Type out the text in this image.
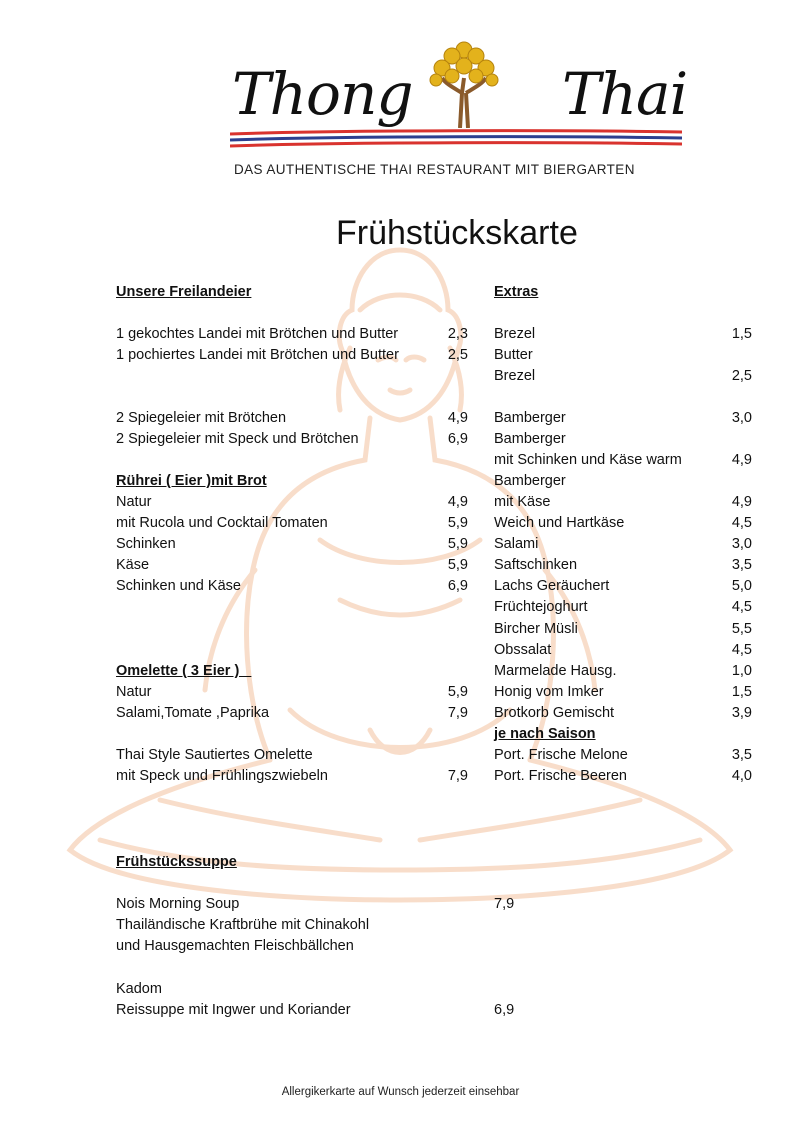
Thong	Thai
DAS AUTHENTISCHE THAI RESTAURANT MIT BIERGARTEN
Frühstückskarte
Unsere Freilandeier
1 gekochtes Landei mit Brötchen und Butter	2,3
1 pochiertes Landei mit Brötchen und Butter	2,5
2 Spiegeleier mit Brötchen	4,9
2 Spiegeleier mit Speck und Brötchen	6,9
Rührei ( Eier )mit Brot
Natur	4,9
mit Rucola und Cocktail Tomaten	5,9
Schinken	5,9
Käse	5,9
Schinken und Käse	6,9
Omelette ( 3 Eier )
Natur	5,9
Salami,Tomate ,Paprika	7,9
Thai Style Sautiertes Omelette
mit Speck und Frühlingszwiebeln	7,9
Frühstückssuppe
Nois Morning Soup	7,9
Thailändische Kraftbrühe mit Chinakohl
und Hausgemachten Fleischbällchen
Kadom
Reissuppe mit Ingwer und Koriander	6,9
Extras
Brezel	1,5
Butter
Brezel	2,5
Bamberger	3,0
Bamberger
mit Schinken und Käse warm	4,9
Bamberger
mit Käse	4,9
Weich und Hartkäse	4,5
Salami	3,0
Saftschinken	3,5
Lachs Geräuchert	5,0
Früchtejoghurt	4,5
Bircher Müsli	5,5
Obssalat	4,5
Marmelade Hausg.	1,0
Honig vom Imker	1,5
Brotkorb Gemischt	3,9
je nach Saison
Port. Frische Melone	3,5
Port. Frische Beeren	4,0
Allergikerkarte auf Wunsch jederzeit einsehbar
